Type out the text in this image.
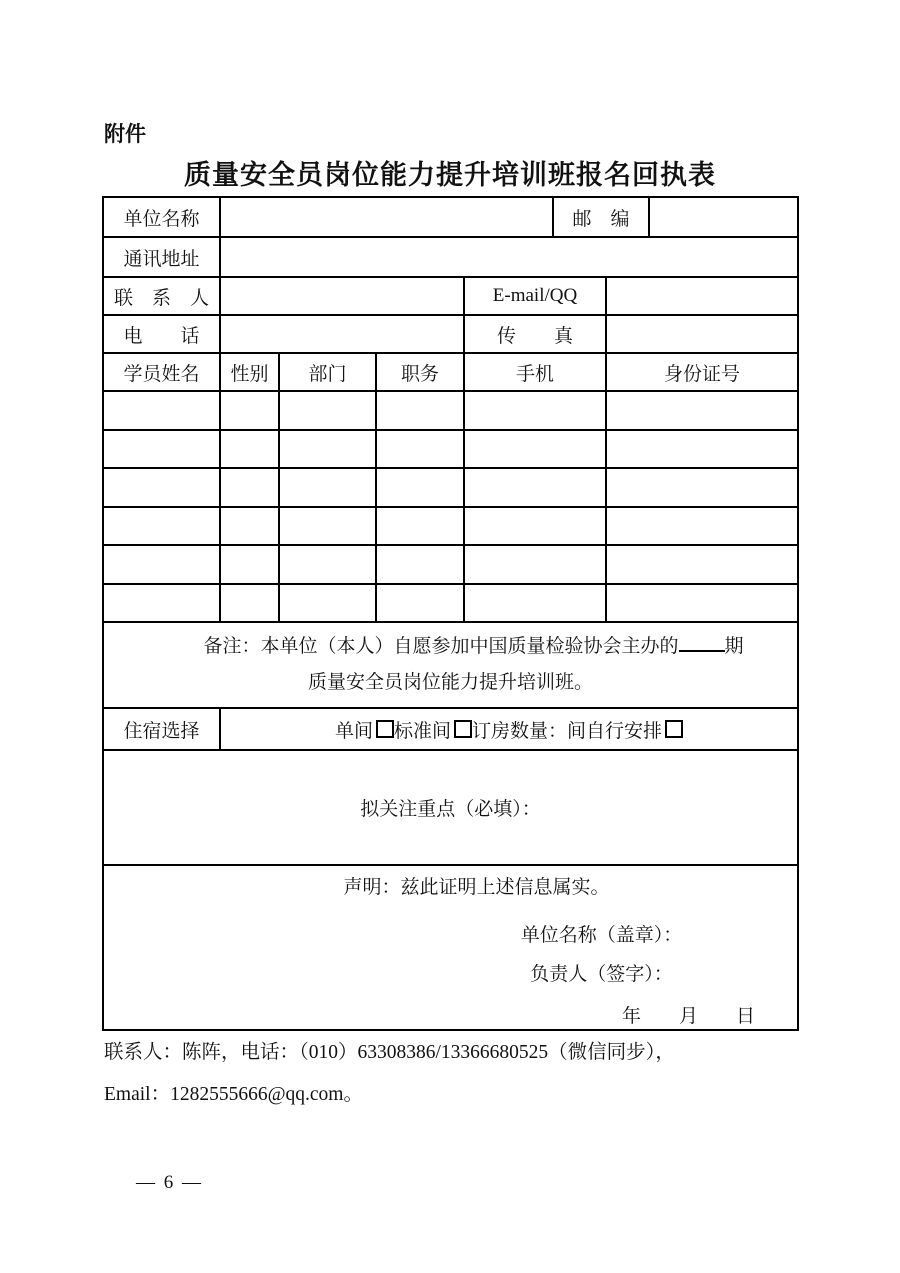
附件
质量安全员岗位能力提升培训班报名回执表
单位名称					邮　编		
通讯地址							
联　系　人				E-mail/QQ			
电　　话				传　　真			
学员姓名	性别	部门	职务	手机		身份证号	

备注：本单位（本人）自愿参加中国质量检验协会主办的 期

质量安全员岗位能力提升培训班。							

住宿选择	单间 标准间 订房数量：间自行安排						
拟关注重点（必填）：							

声明：兹此证明上述信息属实。

单位名称（盖章）：

负责人（签字）：

年　　月　　日							

联系人：陈阵，电话：（010）63308386/13366680525（微信同步），
Email：1282555666@qq.com。
— 6 —
